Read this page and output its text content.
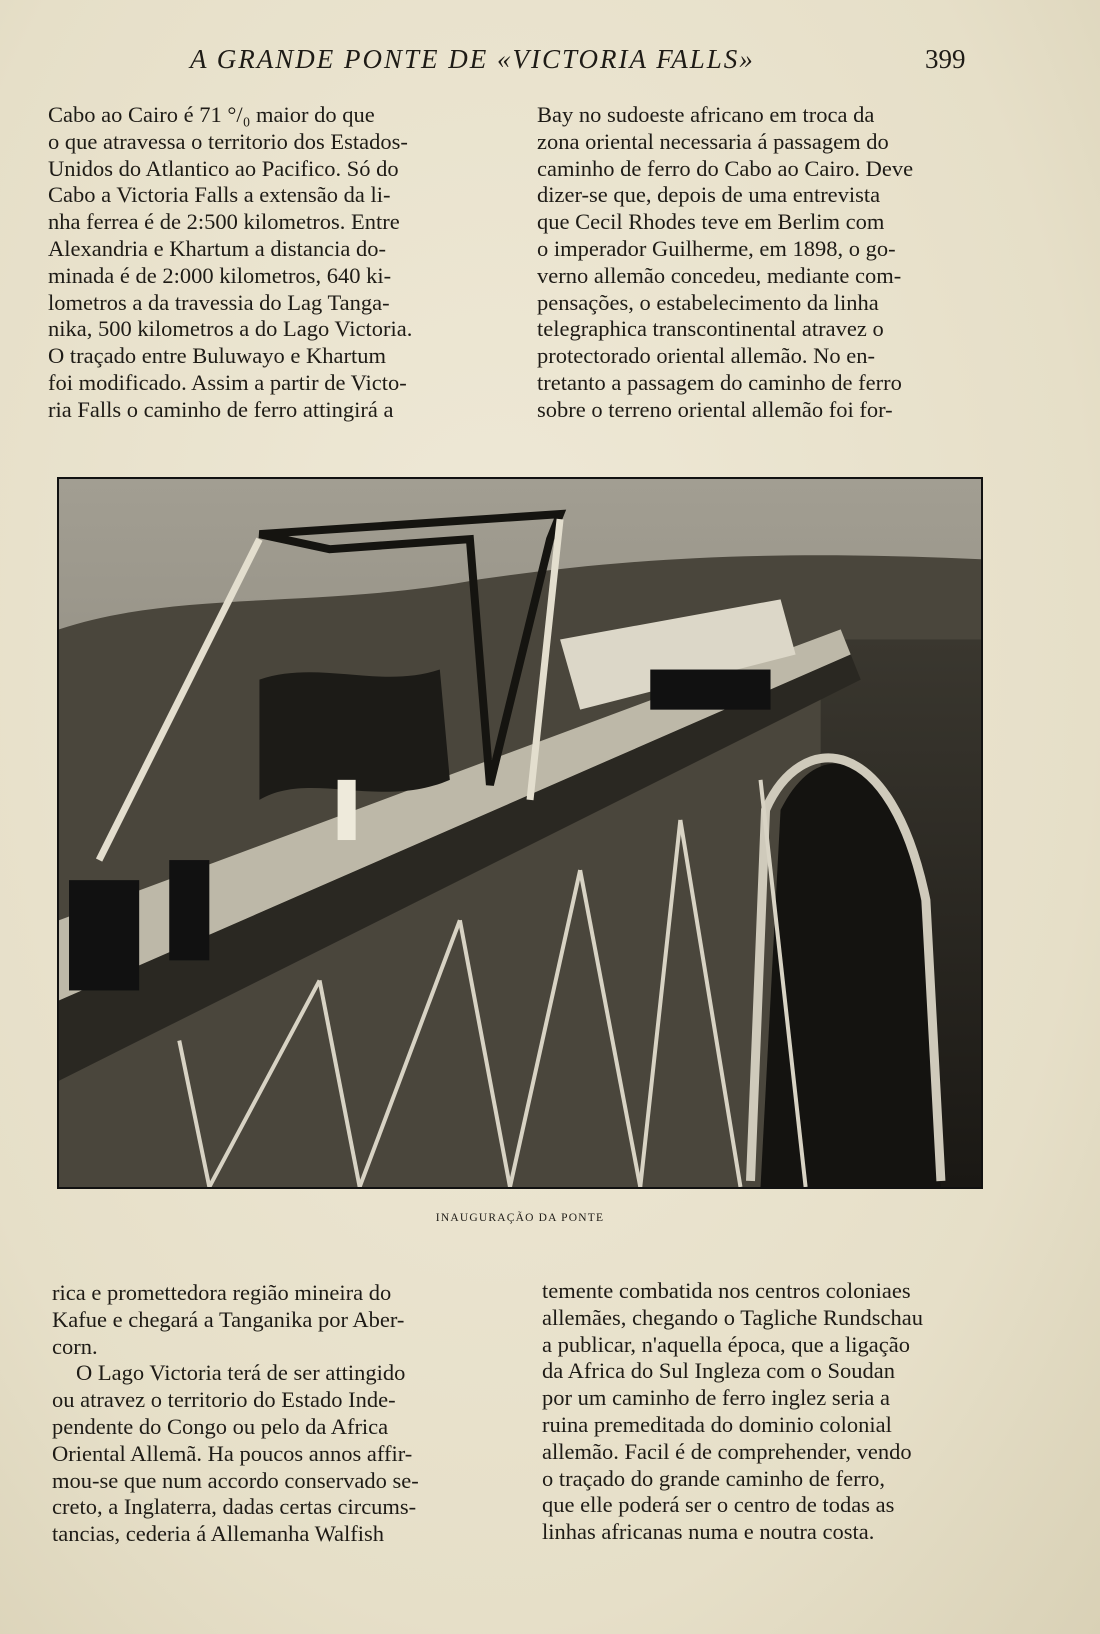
A GRANDE PONTE DE «VICTORIA FALLS»	399

Cabo ao Cairo é 71 °/₀ maior do que

o que atravessa o territorio dos Estados-

Unidos do Atlantico ao Pacifico. Só do

Cabo a Victoria Falls a extensão da li-

nha ferrea é de 2:500 kilometros. Entre

Alexandria e Khartum a distancia do-

minada é de 2:000 kilometros, 640 ki-

lometros a da travessia do Lag Tanga-

nika, 500 kilometros a do Lago Victoria.

O traçado entre Buluwayo e Khartum

foi modificado. Assim a partir de Victo-

ria Falls o caminho de ferro attingirá a

Bay no sudoeste africano em troca da

zona oriental necessaria á passagem do

caminho de ferro do Cabo ao Cairo. Deve

dizer-se que, depois de uma entrevista

que Cecil Rhodes teve em Berlim com

o imperador Guilherme, em 1898, o go-

verno allemão concedeu, mediante com-

pensações, o estabelecimento da linha

telegraphica transcontinental atravez o

protectorado oriental allemão. No en-

tretanto a passagem do caminho de ferro

sobre o terreno oriental allemão foi for-

INAUGURAÇÃO DA PONTE

rica e promettedora região mineira do

Kafue e chegará a Tanganika por Aber-

corn.

O Lago Victoria terá de ser attingido

ou atravez o territorio do Estado Inde-

pendente do Congo ou pelo da Africa

Oriental Allemã. Ha poucos annos affir-

mou-se que num accordo conservado se-

creto, a Inglaterra, dadas certas circums-

tancias, cederia á Allemanha Walfish

temente combatida nos centros coloniaes

allemães, chegando o Tagliche Rundschau

a publicar, n'aquella época, que a ligação

da Africa do Sul Ingleza com o Soudan

por um caminho de ferro inglez seria a

ruina premeditada do dominio colonial

allemão. Facil é de comprehender, vendo

o traçado do grande caminho de ferro,

que elle poderá ser o centro de todas as

linhas africanas numa e noutra costa.
